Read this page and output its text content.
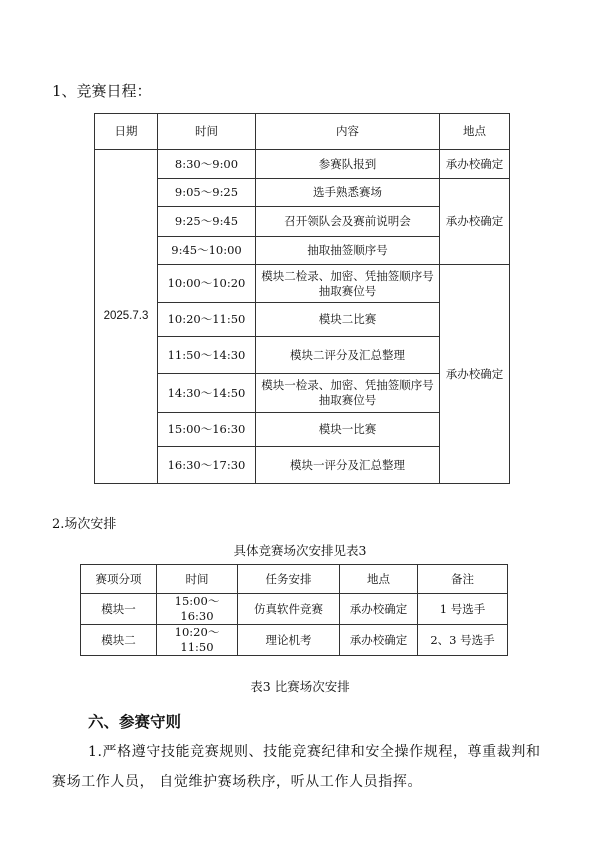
1、竞赛日程：
日期	时间	内容	地点
2025.7.3	8:30～9:00	参赛队报到	承办校确定
	9:05～9:25	选手熟悉赛场	承办校确定
	9:25～9:45	召开领队会及赛前说明会	
	9:45～10:00	抽取抽签顺序号	
	10:00～10:20	模块二检录、加密、凭抽签顺序号抽取赛位号	承办校确定
	10:20～11:50	模块二比赛	
	11:50～14:30	模块二评分及汇总整理	
	14:30～14:50	模块一检录、加密、凭抽签顺序号抽取赛位号	
	15:00～16:30	模块一比赛	
	16:30～17:30	模块一评分及汇总整理	
2.场次安排
具体竞赛场次安排见表3
赛项分项	时间	任务安排	地点	备注
模块一	15:00～16:30	仿真软件竞赛	承办校确定	1 号选手
模块二	10:20～11:50	理论机考	承办校确定	2、3 号选手
表3 比赛场次安排
六、参赛守则
1.严格遵守技能竞赛规则、技能竞赛纪律和安全操作规程，尊重裁判和赛场工作人员， 自觉维护赛场秩序，听从工作人员指挥。
